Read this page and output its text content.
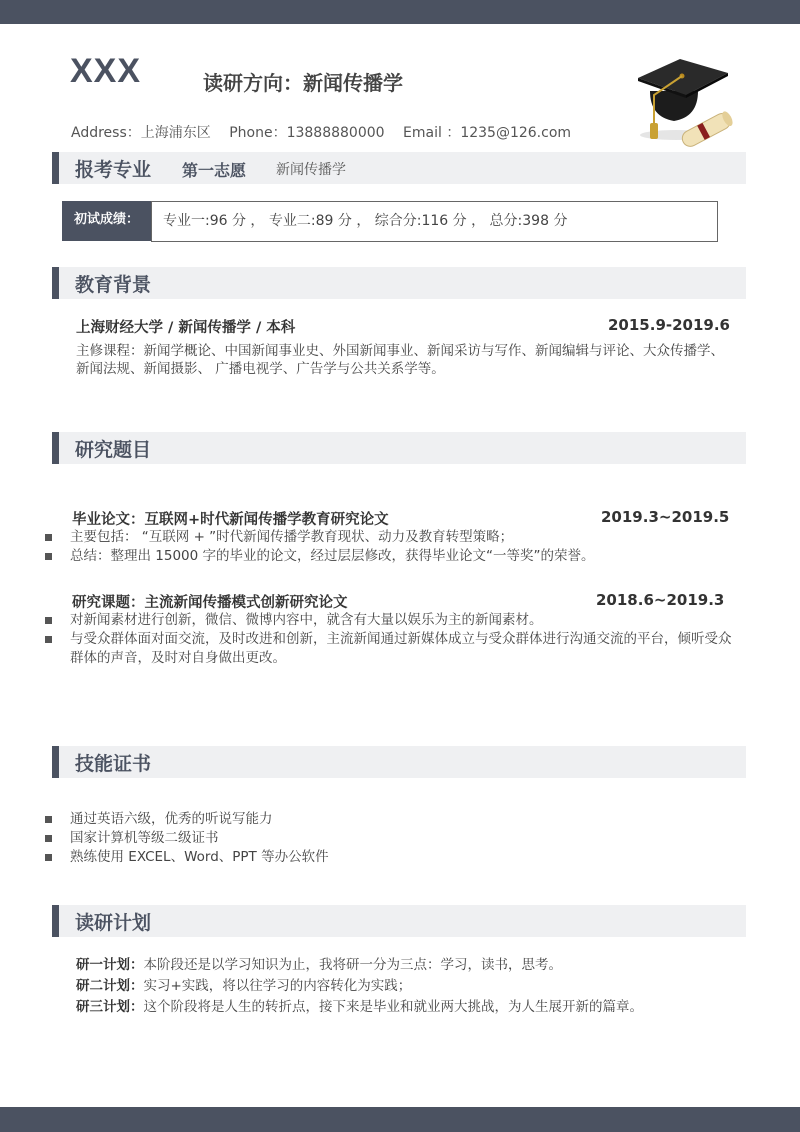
XXX	读研方向：新闻传播学
Address：上海浦东区 Phone：13888880000 Email ：1235@126.com
报考专业 第一志愿 新闻传播学
初试成绩：	专业一:96 分 ， 专业二:89 分 ， 综合分:116 分 ， 总分:398 分
教育背景
上海财经大学 / 新闻传播学 / 本科	2015.9-2019.6
主修课程：新闻学概论、中国新闻事业史、外国新闻事业、新闻采访与写作、新闻编辑与评论、大众传播学、新闻法规、新闻摄影、 广播电视学、广告学与公共关系学等。
研究题目
毕业论文：互联网+时代新闻传播学教育研究论文	2019.3~2019.5
主要包括： “互联网 + ”时代新闻传播学教育现状、动力及教育转型策略；
总结：整理出 15000 字的毕业的论文，经过层层修改，获得毕业论文“一等奖”的荣誉。
研究课题：主流新闻传播模式创新研究论文	2018.6~2019.3
对新闻素材进行创新，微信、微博内容中，就含有大量以娱乐为主的新闻素材。
与受众群体面对面交流，及时改进和创新，主流新闻通过新媒体成立与受众群体进行沟通交流的平台，倾听受众群体的声音，及时对自身做出更改。
技能证书
通过英语六级，优秀的听说写能力
国家计算机等级二级证书
熟练使用 EXCEL、Word、PPT 等办公软件
读研计划
研一计划：本阶段还是以学习知识为止，我将研一分为三点：学习，读书，思考。
研二计划：实习+实践，将以往学习的内容转化为实践；
研三计划：这个阶段将是人生的转折点，接下来是毕业和就业两大挑战，为人生展开新的篇章。
